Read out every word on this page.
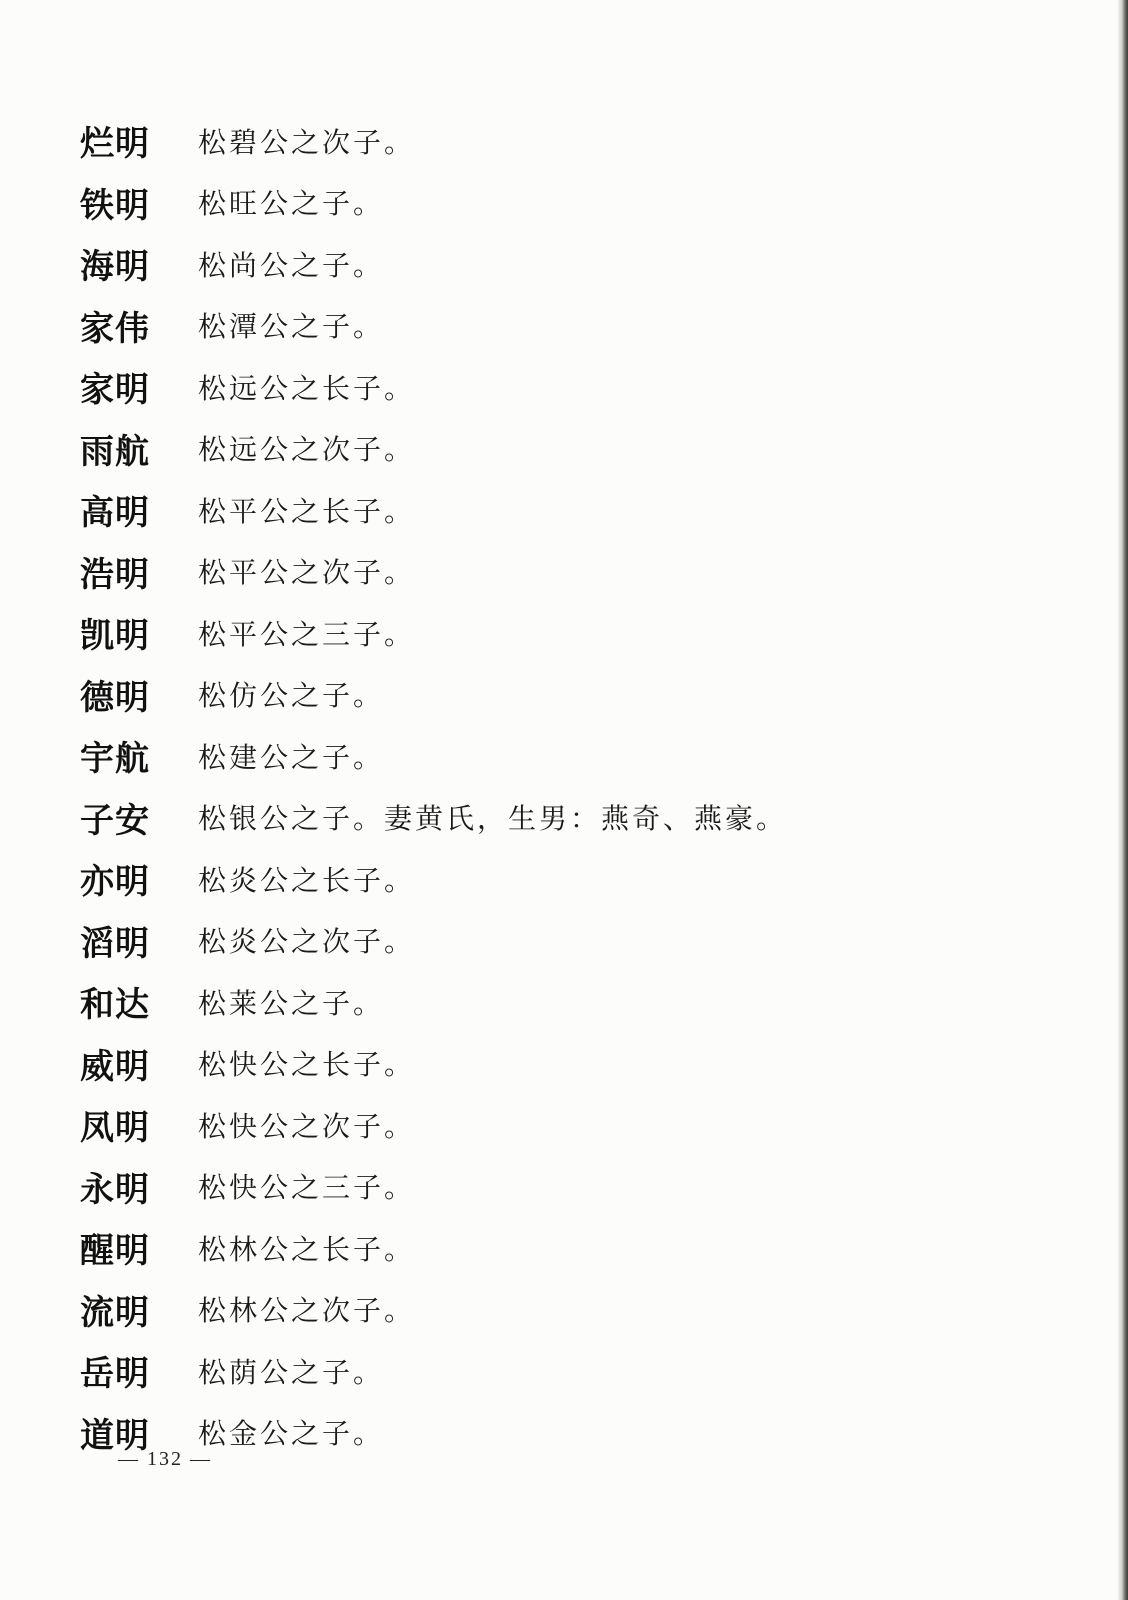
烂明	松碧公之次子。
铁明	松旺公之子。
海明	松尚公之子。
家伟	松潭公之子。
家明	松远公之长子。
雨航	松远公之次子。
高明	松平公之长子。
浩明	松平公之次子。
凯明	松平公之三子。
德明	松仿公之子。
宇航	松建公之子。
子安	松银公之子。妻黄氏，生男：燕奇、燕豪。
亦明	松炎公之长子。
滔明	松炎公之次子。
和达	松莱公之子。
威明	松快公之长子。
凤明	松快公之次子。
永明	松快公之三子。
醒明	松林公之长子。
流明	松林公之次子。
岳明	松荫公之子。
道明	松金公之子。
— 132 —
